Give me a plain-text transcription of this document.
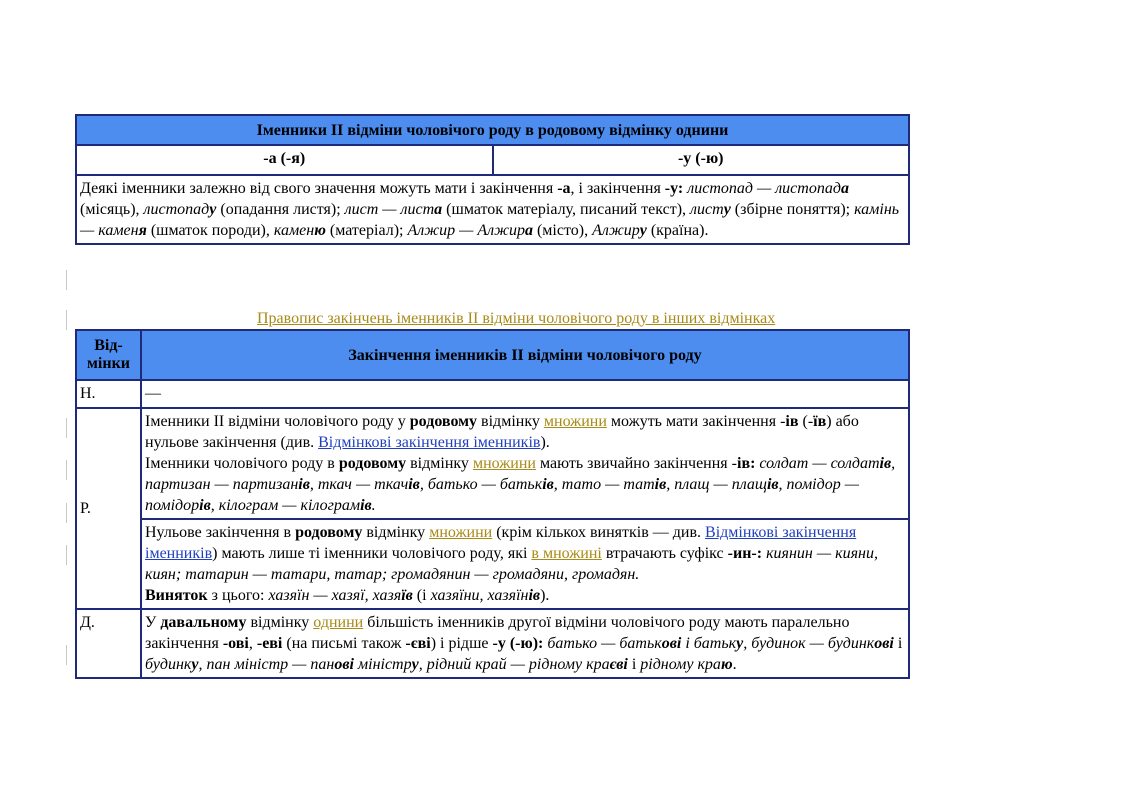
Іменники II відміни чоловічого роду в родовому відмінку однини
-а (-я)	-у (-ю)
Деякі іменники залежно від свого значення можуть мати і закінчення -а, і закінчення -у: листопад — листопада (місяць), листопаду (опадання листя); лист — листа (шматок матеріалу, писаний текст), листу (збірне поняття); камінь — каменя (шматок породи), каменю (матеріал); Алжир — Алжира (місто), Алжиру (країна).
Правопис закінчень іменників II відміни чоловічого роду в інших відмінках
Від-мінки	Закінчення іменників II відміни чоловічого роду
Н.	—
Р.	Іменники II відміни чоловічого роду у родовому відмінку множини можуть мати закінчення -ів (-їв) або нульове закінчення (див. Відмінкові закінчення іменників).
Іменники чоловічого роду в родовому відмінку множини мають звичайно закінчення -ів: солдат — солдатів, партизан — партизанів, ткач — ткачів, батько — батьків, тато — татів, плащ — плащів, помідор — помідорів, кілограм — кілограмів.
	Нульове закінчення в родовому відмінку множини (крім кількох винятків — див. Відмінкові закінчення іменників) мають лише ті іменники чоловічого роду, які в множині втрачають суфікс -ин-: киянин — кияни, киян; татарин — татари, татар; громадянин — громадяни, громадян.
Виняток з цього: хазяїн — хазяї, хазяїв (і хазяїни, хазяїнів).
Д.	У давальному відмінку однини більшість іменників другої відміни чоловічого роду мають паралельно закінчення -ові, -еві (на письмі також -єві) і рідше -у (-ю): батько — батькові і батьку, будинок — будинкові і будинку, пан міністр — панові міністру, рідний край — рідному краєві і рідному краю.
